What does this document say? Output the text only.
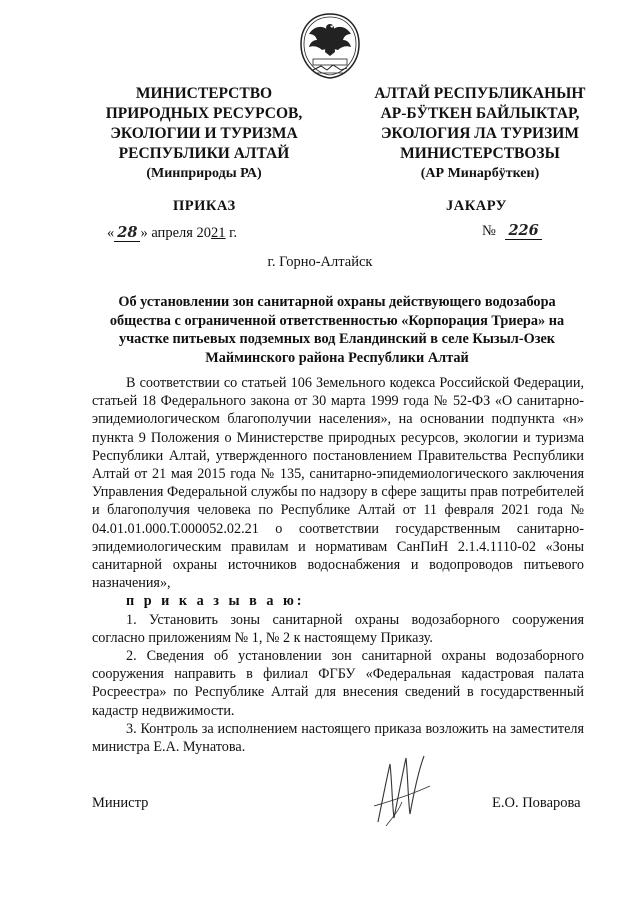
МИНИСТЕРСТВО
ПРИРОДНЫХ РЕСУРСОВ,
ЭКОЛОГИИ И ТУРИЗМА
РЕСПУБЛИКИ АЛТАЙ
(Минприроды РА)
АЛТАЙ РЕСПУБЛИКАНЫҤ
АР-БӰТКЕН БАЙЛЫКТАР,
ЭКОЛОГИЯ ЛА ТУРИЗИМ
МИНИСТЕРСТВОЗЫ
(АР Минарбӱткен)
ПРИКАЗ	JАКАРУ
« 28 » апреля 2021 г.	№ 226
г. Горно-Алтайск
Об установлении зон санитарной охраны действующего водозабора общества с ограниченной ответственностью «Корпорация Триера» на участке питьевых подземных вод Еландинский в селе Кызыл-Озек Майминского района Республики Алтай

В соответствии со статьей 106 Земельного кодекса Российской Федерации, статьей 18 Федерального закона от 30 марта 1999 года № 52-ФЗ «О санитарно-эпидемиологическом благополучии населения», на основании подпункта «н» пункта 9 Положения о Министерстве природных ресурсов, экологии и туризма Республики Алтай, утвержденного постановлением Правительства Республики Алтай от 21 мая 2015 года № 135, санитарно-эпидемиологического заключения Управления Федеральной службы по надзору в сфере защиты прав потребителей и благополучия человека по Республике Алтай от 11 февраля 2021 года № 04.01.01.000.Т.000052.02.21 о соответствии государственным санитарно-эпидемиологическим правилам и нормативам СанПиН 2.1.4.1110-02 «Зоны санитарной охраны источников водоснабжения и водопроводов питьевого назначения»,

п р и к а з ы в а ю:

1. Установить зоны санитарной охраны водозаборного сооружения согласно приложениям № 1, № 2 к настоящему Приказу.

2. Сведения об установлении зон санитарной охраны водозаборного сооружения направить в филиал ФГБУ «Федеральная кадастровая палата Росреестра» по Республике Алтай для внесения сведений в государственный кадастр недвижимости.

3. Контроль за исполнением настоящего приказа возложить на заместителя министра Е.А. Мунатова.

Министр	Е.О. Поварова
